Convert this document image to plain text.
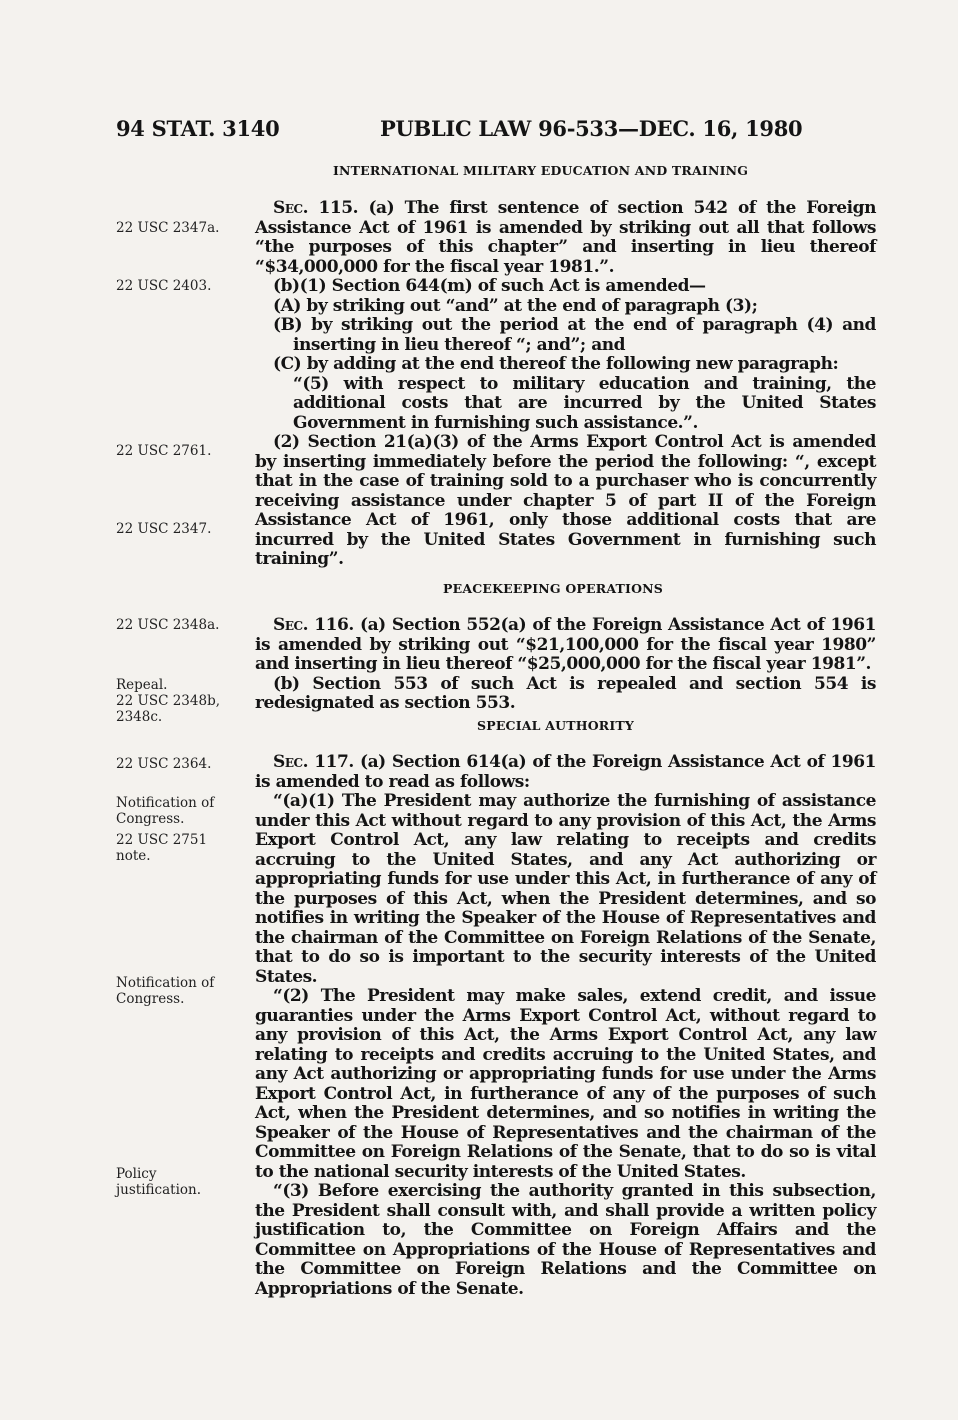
94 STAT. 3140	PUBLIC LAW 96-533—DEC. 16, 1980
INTERNATIONAL MILITARY EDUCATION AND TRAINING
22 USC 2347a.
22 USC 2403.
22 USC 2761.
22 USC 2347.
22 USC 2348a.
Repeal.
22 USC 2348b,
2348c.
22 USC 2364.
Notification of
Congress.
22 USC 2751
note.
Notification of
Congress.
Policy
justification.

Sec. 115. (a) The first sentence of section 542 of the Foreign Assistance Act of 1961 is amended by striking out all that follows “the purposes of this chapter” and inserting in lieu thereof “$34,000,000 for the fiscal year 1981.”.

(b)(1) Section 644(m) of such Act is amended—

(A) by striking out “and” at the end of paragraph (3);

(B) by striking out the period at the end of paragraph (4) and inserting in lieu thereof “; and”; and

(C) by adding at the end thereof the following new paragraph:

“(5) with respect to military education and training, the additional costs that are incurred by the United States Government in furnishing such assistance.”.

(2) Section 21(a)(3) of the Arms Export Control Act is amended by inserting immediately before the period the following: “, except that in the case of training sold to a purchaser who is concurrently receiving assistance under chapter 5 of part II of the Foreign Assistance Act of 1961, only those additional costs that are incurred by the United States Government in furnishing such training”.

PEACEKEEPING OPERATIONS

Sec. 116. (a) Section 552(a) of the Foreign Assistance Act of 1961 is amended by striking out “$21,100,000 for the fiscal year 1980” and inserting in lieu thereof “$25,000,000 for the fiscal year 1981”.

(b) Section 553 of such Act is repealed and section 554 is redesignated as section 553.

SPECIAL AUTHORITY

Sec. 117. (a) Section 614(a) of the Foreign Assistance Act of 1961 is amended to read as follows:

“(a)(1) The President may authorize the furnishing of assistance under this Act without regard to any provision of this Act, the Arms Export Control Act, any law relating to receipts and credits accruing to the United States, and any Act authorizing or appropriating funds for use under this Act, in furtherance of any of the purposes of this Act, when the President determines, and so notifies in writing the Speaker of the House of Representatives and the chairman of the Committee on Foreign Relations of the Senate, that to do so is important to the security interests of the United States.

“(2) The President may make sales, extend credit, and issue guaranties under the Arms Export Control Act, without regard to any provision of this Act, the Arms Export Control Act, any law relating to receipts and credits accruing to the United States, and any Act authorizing or appropriating funds for use under the Arms Export Control Act, in furtherance of any of the purposes of such Act, when the President determines, and so notifies in writing the Speaker of the House of Representatives and the chairman of the Committee on Foreign Relations of the Senate, that to do so is vital to the national security interests of the United States.

“(3) Before exercising the authority granted in this subsection, the President shall consult with, and shall provide a written policy justification to, the Committee on Foreign Affairs and the Committee on Appropriations of the House of Representatives and the Committee on Foreign Relations and the Committee on Appropriations of the Senate.
